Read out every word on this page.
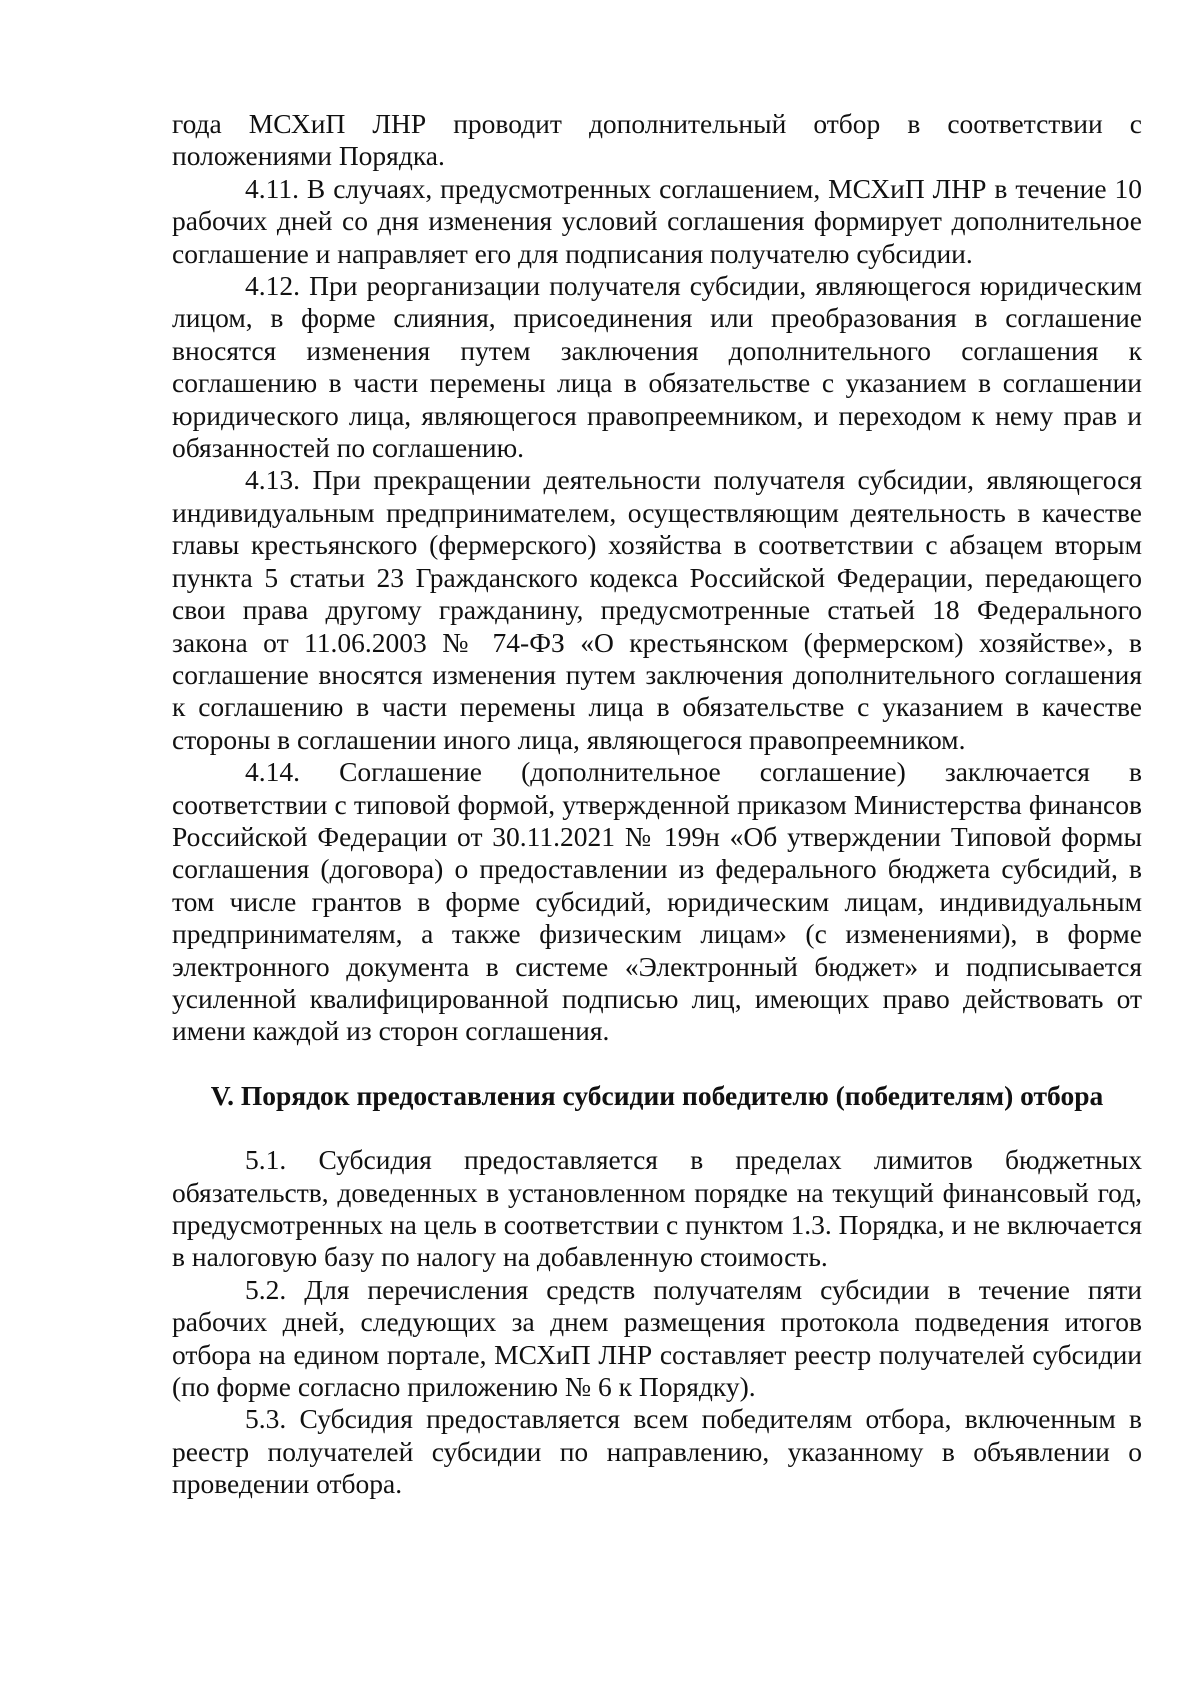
года МСХиП ЛНР проводит дополнительный отбор в соответствии с положениями Порядка.

4.11. В случаях, предусмотренных соглашением, МСХиП ЛНР в течение 10 рабочих дней со дня изменения условий соглашения формирует дополнительное соглашение и направляет его для подписания получателю субсидии.

4.12. При реорганизации получателя субсидии, являющегося юридическим лицом, в форме слияния, присоединения или преобразования в соглашение вносятся изменения путем заключения дополнительного соглашения к соглашению в части перемены лица в обязательстве с указанием в соглашении юридического лица, являющегося правопреемником, и переходом к нему прав и обязанностей по соглашению.

4.13. При прекращении деятельности получателя субсидии, являющегося индивидуальным предпринимателем, осуществляющим деятельность в качестве главы крестьянского (фермерского) хозяйства в соответствии с абзацем вторым пункта 5 статьи 23 Гражданского кодекса Российской Федерации, передающего свои права другому гражданину, предусмотренные статьей 18 Федерального закона от 11.06.2003 № 74-ФЗ «О крестьянском (фермерском) хозяйстве», в соглашение вносятся изменения путем заключения дополнительного соглашения к соглашению в части перемены лица в обязательстве с указанием в качестве стороны в соглашении иного лица, являющегося правопреемником.

4.14. Соглашение (дополнительное соглашение) заключается в соответствии с типовой формой, утвержденной приказом Министерства финансов Российской Федерации от 30.11.2021 № 199н «Об утверждении Типовой формы соглашения (договора) о предоставлении из федерального бюджета субсидий, в том числе грантов в форме субсидий, юридическим лицам, индивидуальным предпринимателям, а также физическим лицам» (с изменениями), в форме электронного документа в системе «Электронный бюджет» и подписывается усиленной квалифицированной подписью лиц, имеющих право действовать от имени каждой из сторон соглашения.

V. Порядок предоставления субсидии победителю (победителям) отбора

5.1. Субсидия предоставляется в пределах лимитов бюджетных обязательств, доведенных в установленном порядке на текущий финансовый год, предусмотренных на цель в соответствии с пунктом 1.3. Порядка, и не включается в налоговую базу по налогу на добавленную стоимость.

5.2. Для перечисления средств получателям субсидии в течение пяти рабочих дней, следующих за днем размещения протокола подведения итогов отбора на едином портале, МСХиП ЛНР составляет реестр получателей субсидии (по форме согласно приложению № 6 к Порядку).

5.3. Субсидия предоставляется всем победителям отбора, включенным в реестр получателей субсидии по направлению, указанному в объявлении о проведении отбора.
